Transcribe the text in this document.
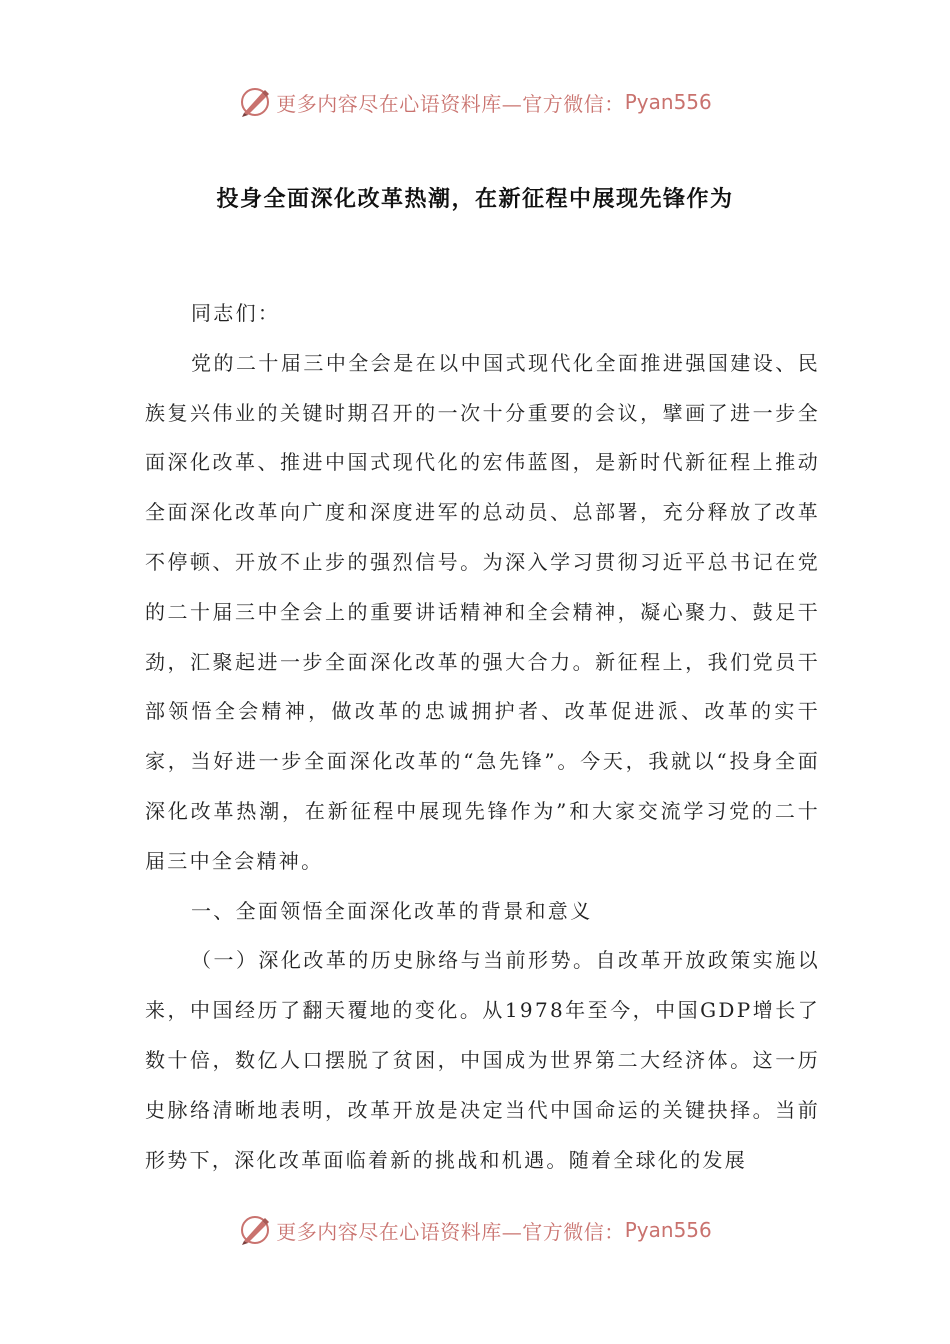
更多内容尽在心语资料库—官方微信： Pyan556
投身全面深化改革热潮，在新征程中展现先锋作为

同志们：

党的二十届三中全会是在以中国式现代化全面推进强国建设、民族复兴伟业的关键时期召开的一次十分重要的会议，擘画了进一步全面深化改革、推进中国式现代化的宏伟蓝图，是新时代新征程上推动全面深化改革向广度和深度进军的总动员、总部署，充分释放了改革不停顿、开放不止步的强烈信号。为深入学习贯彻习近平总书记在党的二十届三中全会上的重要讲话精神和全会精神，凝心聚力、鼓足干劲，汇聚起进一步全面深化改革的强大合力。新征程上，我们党员干部领悟全会精神，做改革的忠诚拥护者、改革促进派、改革的实干家，当好进一步全面深化改革的“急先锋”。今天，我就以“投身全面深化改革热潮，在新征程中展现先锋作为”和大家交流学习党的二十届三中全会精神。

一、全面领悟全面深化改革的背景和意义

（一）深化改革的历史脉络与当前形势。自改革开放政策实施以来，中国经历了翻天覆地的变化。从1978年至今，中国GDP增长了数十倍，数亿人口摆脱了贫困，中国成为世界第二大经济体。这一历史脉络清晰地表明，改革开放是决定当代中国命运的关键抉择。当前形势下，深化改革面临着新的挑战和机遇。随着全球化的发展

更多内容尽在心语资料库—官方微信： Pyan556
